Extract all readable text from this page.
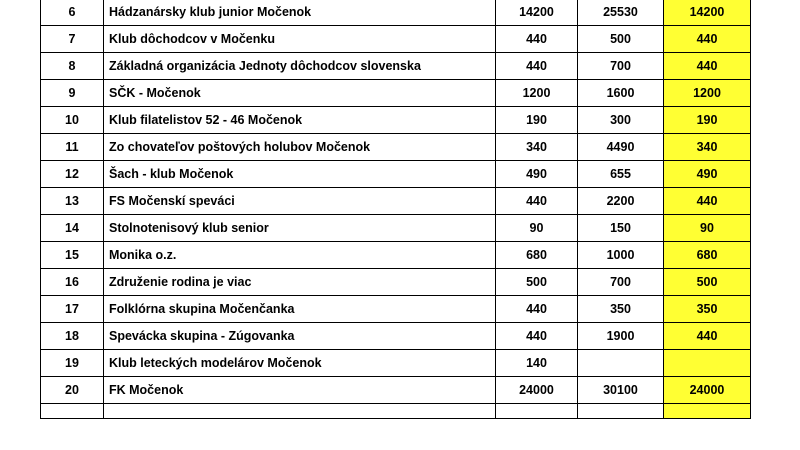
6	Hádzanársky klub junior Močenok	14200	25530	14200
7	Klub dôchodcov v Močenku	440	500	440
8	Základná organizácia Jednoty dôchodcov slovenska	440	700	440
9	SČK - Močenok	1200	1600	1200
10	Klub filatelistov 52 - 46 Močenok	190	300	190
11	Zo chovateľov poštových holubov Močenok	340	4490	340
12	Šach - klub Močenok	490	655	490
13	FS Močenskí speváci	440	2200	440
14	Stolnotenisový klub senior	90	150	90
15	Monika o.z.	680	1000	680
16	Združenie rodina je viac	500	700	500
17	Folklórna skupina Močenčanka	440	350	350
18	Spevácka skupina - Zúgovanka	440	1900	440
19	Klub leteckých modelárov Močenok	140		
20	FK Močenok	24000	30100	24000
